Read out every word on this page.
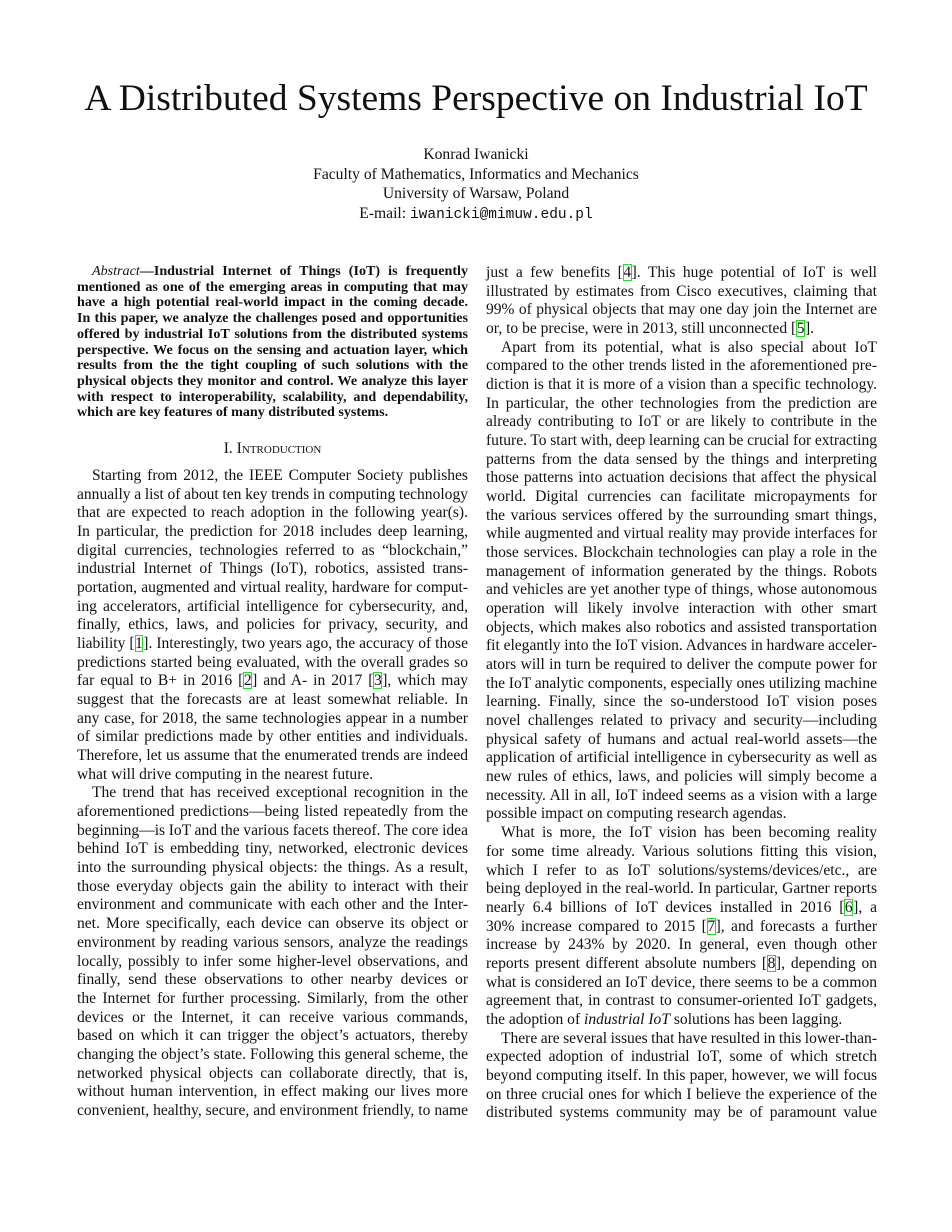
A Distributed Systems Perspective on Industrial IoT
Konrad Iwanicki
Faculty of Mathematics, Informatics and Mechanics
University of Warsaw, Poland
E-mail: iwanicki@mimuw.edu.pl
Abstract—Industrial Internet of Things (IoT) is frequently
mentioned as one of the emerging areas in computing that may
have a high potential real-world impact in the coming decade.
In this paper, we analyze the challenges posed and opportunities
offered by industrial IoT solutions from the distributed systems
perspective. We focus on the sensing and actuation layer, which
results from the the tight coupling of such solutions with the
physical objects they monitor and control. We analyze this layer
with respect to interoperability, scalability, and dependability,
which are key features of many distributed systems.
I. Introduction
Starting from 2012, the IEEE Computer Society publishes
annually a list of about ten key trends in computing technology
that are expected to reach adoption in the following year(s).
In particular, the prediction for 2018 includes deep learning,
digital currencies, technologies referred to as “blockchain,”
industrial Internet of Things (IoT), robotics, assisted trans-
portation, augmented and virtual reality, hardware for comput-
ing accelerators, artificial intelligence for cybersecurity, and,
finally, ethics, laws, and policies for privacy, security, and
liability [1]. Interestingly, two years ago, the accuracy of those
predictions started being evaluated, with the overall grades so
far equal to B+ in 2016 [2] and A- in 2017 [3], which may
suggest that the forecasts are at least somewhat reliable. In
any case, for 2018, the same technologies appear in a number
of similar predictions made by other entities and individuals.
Therefore, let us assume that the enumerated trends are indeed
what will drive computing in the nearest future.
The trend that has received exceptional recognition in the
aforementioned predictions—being listed repeatedly from the
beginning—is IoT and the various facets thereof. The core idea
behind IoT is embedding tiny, networked, electronic devices
into the surrounding physical objects: the things. As a result,
those everyday objects gain the ability to interact with their
environment and communicate with each other and the Inter-
net. More specifically, each device can observe its object or
environment by reading various sensors, analyze the readings
locally, possibly to infer some higher-level observations, and
finally, send these observations to other nearby devices or
the Internet for further processing. Similarly, from the other
devices or the Internet, it can receive various commands,
based on which it can trigger the object’s actuators, thereby
changing the object’s state. Following this general scheme, the
networked physical objects can collaborate directly, that is,
without human intervention, in effect making our lives more
convenient, healthy, secure, and environment friendly, to name
just a few benefits [4]. This huge potential of IoT is well
illustrated by estimates from Cisco executives, claiming that
99% of physical objects that may one day join the Internet are
or, to be precise, were in 2013, still unconnected [5].
Apart from its potential, what is also special about IoT
compared to the other trends listed in the aforementioned pre-
diction is that it is more of a vision than a specific technology.
In particular, the other technologies from the prediction are
already contributing to IoT or are likely to contribute in the
future. To start with, deep learning can be crucial for extracting
patterns from the data sensed by the things and interpreting
those patterns into actuation decisions that affect the physical
world. Digital currencies can facilitate micropayments for
the various services offered by the surrounding smart things,
while augmented and virtual reality may provide interfaces for
those services. Blockchain technologies can play a role in the
management of information generated by the things. Robots
and vehicles are yet another type of things, whose autonomous
operation will likely involve interaction with other smart
objects, which makes also robotics and assisted transportation
fit elegantly into the IoT vision. Advances in hardware acceler-
ators will in turn be required to deliver the compute power for
the IoT analytic components, especially ones utilizing machine
learning. Finally, since the so-understood IoT vision poses
novel challenges related to privacy and security—including
physical safety of humans and actual real-world assets—the
application of artificial intelligence in cybersecurity as well as
new rules of ethics, laws, and policies will simply become a
necessity. All in all, IoT indeed seems as a vision with a large
possible impact on computing research agendas.
What is more, the IoT vision has been becoming reality
for some time already. Various solutions fitting this vision,
which I refer to as IoT solutions/systems/devices/etc., are
being deployed in the real-world. In particular, Gartner reports
nearly 6.4 billions of IoT devices installed in 2016 [6], a
30% increase compared to 2015 [7], and forecasts a further
increase by 243% by 2020. In general, even though other
reports present different absolute numbers [8], depending on
what is considered an IoT device, there seems to be a common
agreement that, in contrast to consumer-oriented IoT gadgets,
the adoption of industrial IoT solutions has been lagging.
There are several issues that have resulted in this lower-than-
expected adoption of industrial IoT, some of which stretch
beyond computing itself. In this paper, however, we will focus
on three crucial ones for which I believe the experience of the
distributed systems community may be of paramount value
